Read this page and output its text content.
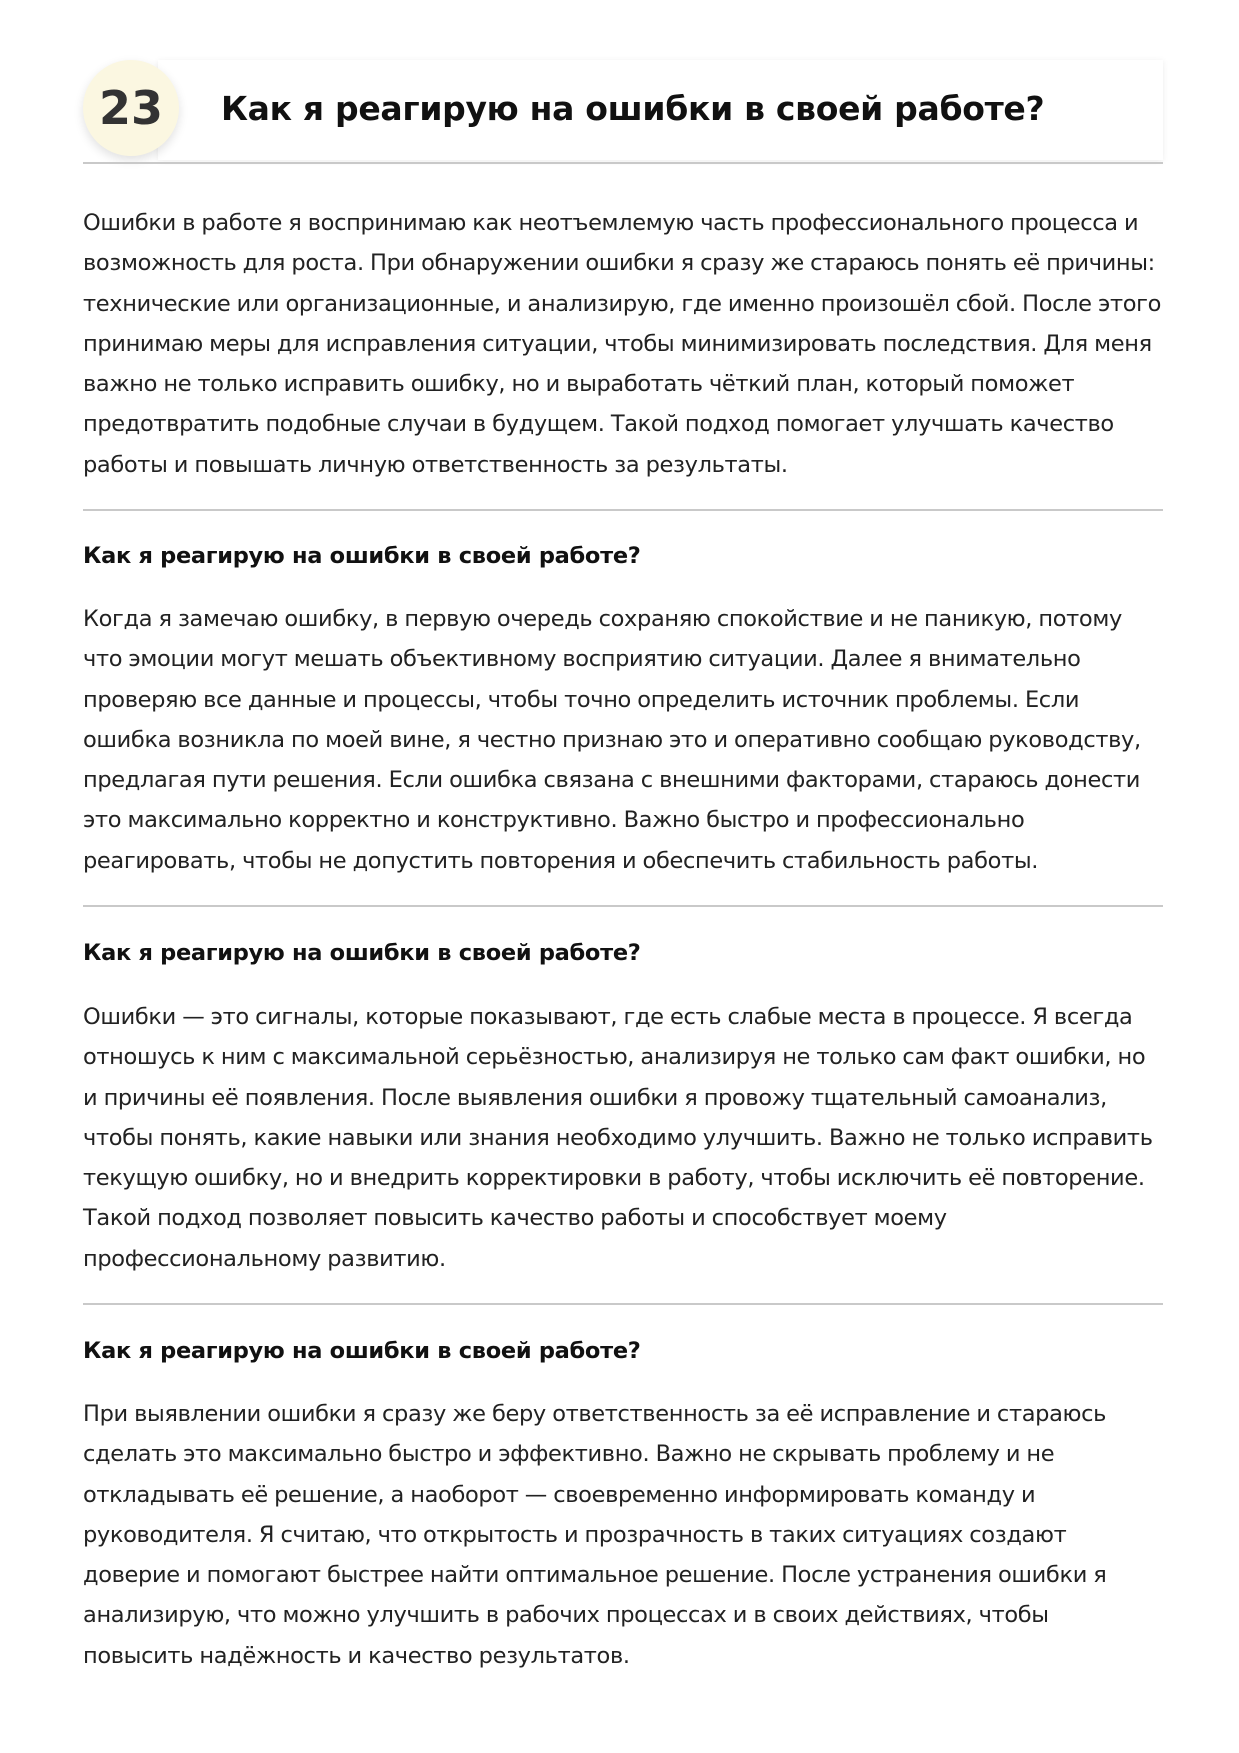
23	Как я реагирую на ошибки в своей работе?

Ошибки в работе я воспринимаю как неотъемлемую часть профессионального процесса и возможность для роста. При обнаружении ошибки я сразу же стараюсь понять её причины: технические или организационные, и анализирую, где именно произошёл сбой. После этого принимаю меры для исправления ситуации, чтобы минимизировать последствия. Для меня важно не только исправить ошибку, но и выработать чёткий план, который поможет предотвратить подобные случаи в будущем. Такой подход помогает улучшать качество работы и повышать личную ответственность за результаты.

Как я реагирую на ошибки в своей работе?

Когда я замечаю ошибку, в первую очередь сохраняю спокойствие и не паникую, потому что эмоции могут мешать объективному восприятию ситуации. Далее я внимательно проверяю все данные и процессы, чтобы точно определить источник проблемы. Если ошибка возникла по моей вине, я честно признаю это и оперативно сообщаю руководству, предлагая пути решения. Если ошибка связана с внешними факторами, стараюсь донести это максимально корректно и конструктивно. Важно быстро и профессионально реагировать, чтобы не допустить повторения и обеспечить стабильность работы.

Как я реагирую на ошибки в своей работе?

Ошибки — это сигналы, которые показывают, где есть слабые места в процессе. Я всегда отношусь к ним с максимальной серьёзностью, анализируя не только сам факт ошибки, но и причины её появления. После выявления ошибки я провожу тщательный самоанализ, чтобы понять, какие навыки или знания необходимо улучшить. Важно не только исправить текущую ошибку, но и внедрить корректировки в работу, чтобы исключить её повторение. Такой подход позволяет повысить качество работы и способствует моему профессиональному развитию.

Как я реагирую на ошибки в своей работе?

При выявлении ошибки я сразу же беру ответственность за её исправление и стараюсь сделать это максимально быстро и эффективно. Важно не скрывать проблему и не откладывать её решение, а наоборот — своевременно информировать команду и руководителя. Я считаю, что открытость и прозрачность в таких ситуациях создают доверие и помогают быстрее найти оптимальное решение. После устранения ошибки я анализирую, что можно улучшить в рабочих процессах и в своих действиях, чтобы повысить надёжность и качество результатов.
